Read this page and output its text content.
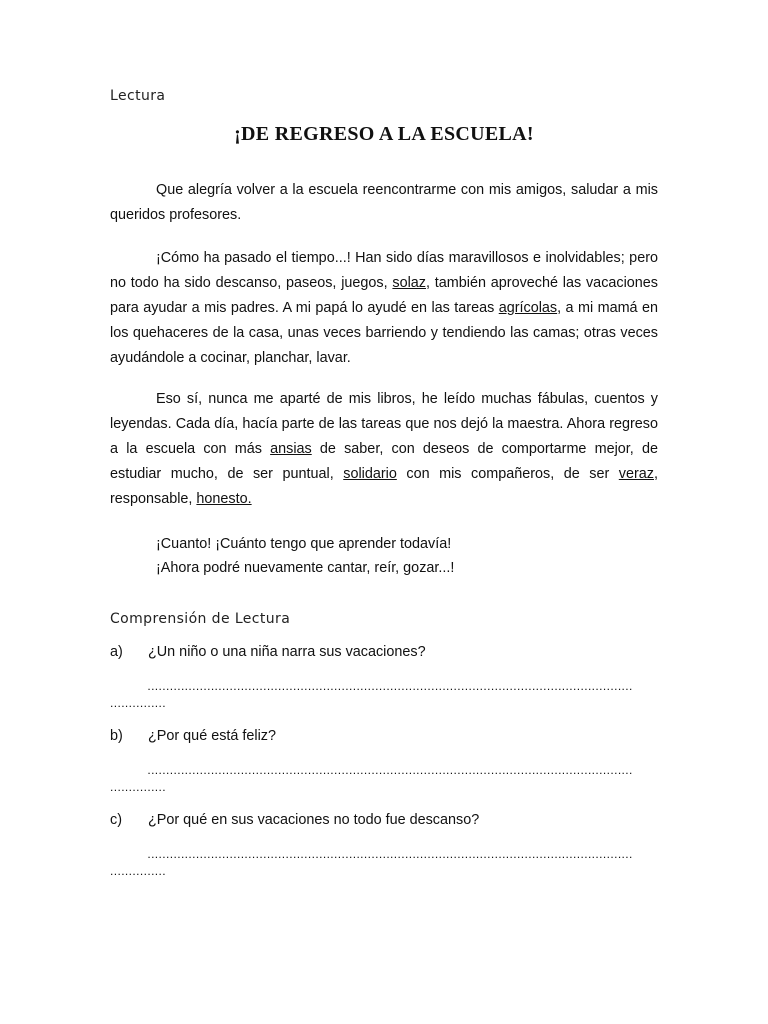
Lectura
¡DE REGRESO A LA ESCUELA!
Que alegría volver a la escuela reencontrarme con mis amigos, saludar a mis queridos profesores.
¡Cómo ha pasado el tiempo...! Han sido días maravillosos e inolvidables; pero no todo ha sido descanso, paseos, juegos, solaz, también aproveché las vacaciones para ayudar a mis padres. A mi papá lo ayudé en las tareas agrícolas, a mi mamá en los quehaceres de la casa, unas veces barriendo y tendiendo las camas; otras veces ayudándole a cocinar, planchar, lavar.
Eso sí, nunca me aparté de mis libros, he leído muchas fábulas, cuentos y leyendas. Cada día, hacía parte de las tareas que nos dejó la maestra. Ahora regreso a la escuela con más ansias de saber, con deseos de comportarme mejor, de estudiar mucho, de ser puntual, solidario con mis compañeros, de ser veraz, responsable, honesto.
¡Cuanto! ¡Cuánto tengo que aprender todavía!
¡Ahora podré nuevamente cantar, reír, gozar...!
Comprensión de Lectura
a) ¿Un niño o una niña narra sus vacaciones?
..................................................................................................................................
...............
b) ¿Por qué está feliz?
..................................................................................................................................
...............
c) ¿Por qué en sus vacaciones no todo fue descanso?
..................................................................................................................................
...............
